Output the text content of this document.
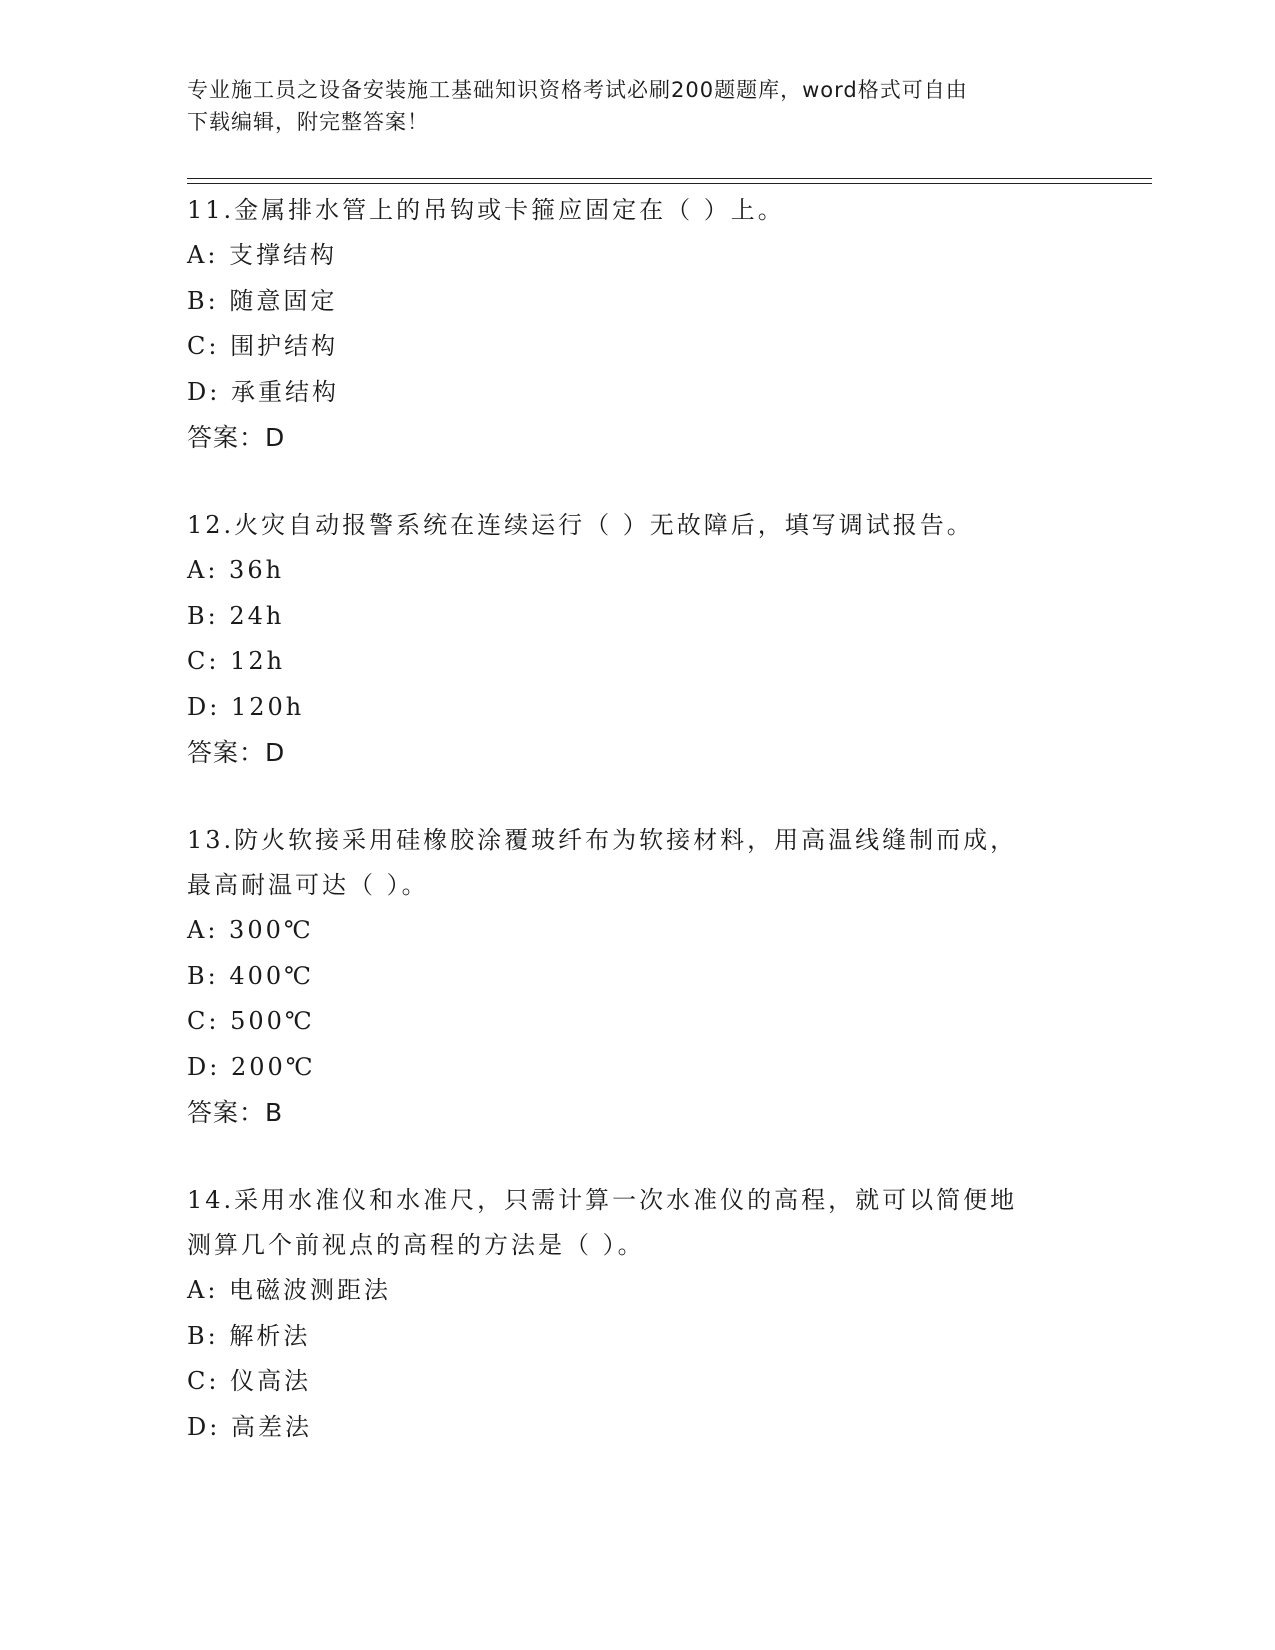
专业施工员之设备安装施工基础知识资格考试必刷200题题库，word格式可自由
下载编辑，附完整答案！

11.金属排水管上的吊钩或卡箍应固定在（ ）上。

A: 支撑结构

B: 随意固定

C: 围护结构

D: 承重结构

答案：D

12.火灾自动报警系统在连续运行（ ）无故障后，填写调试报告。

A: 36h

B: 24h

C: 12h

D: 120h

答案：D

13.防火软接采用硅橡胶涂覆玻纤布为软接材料，用高温线缝制而成，

最高耐温可达（ ）。

A: 300℃

B: 400℃

C: 500℃

D: 200℃

答案：B

14.采用水准仪和水准尺，只需计算一次水准仪的高程，就可以简便地

测算几个前视点的高程的方法是（ ）。

A: 电磁波测距法

B: 解析法

C: 仪高法

D: 高差法
